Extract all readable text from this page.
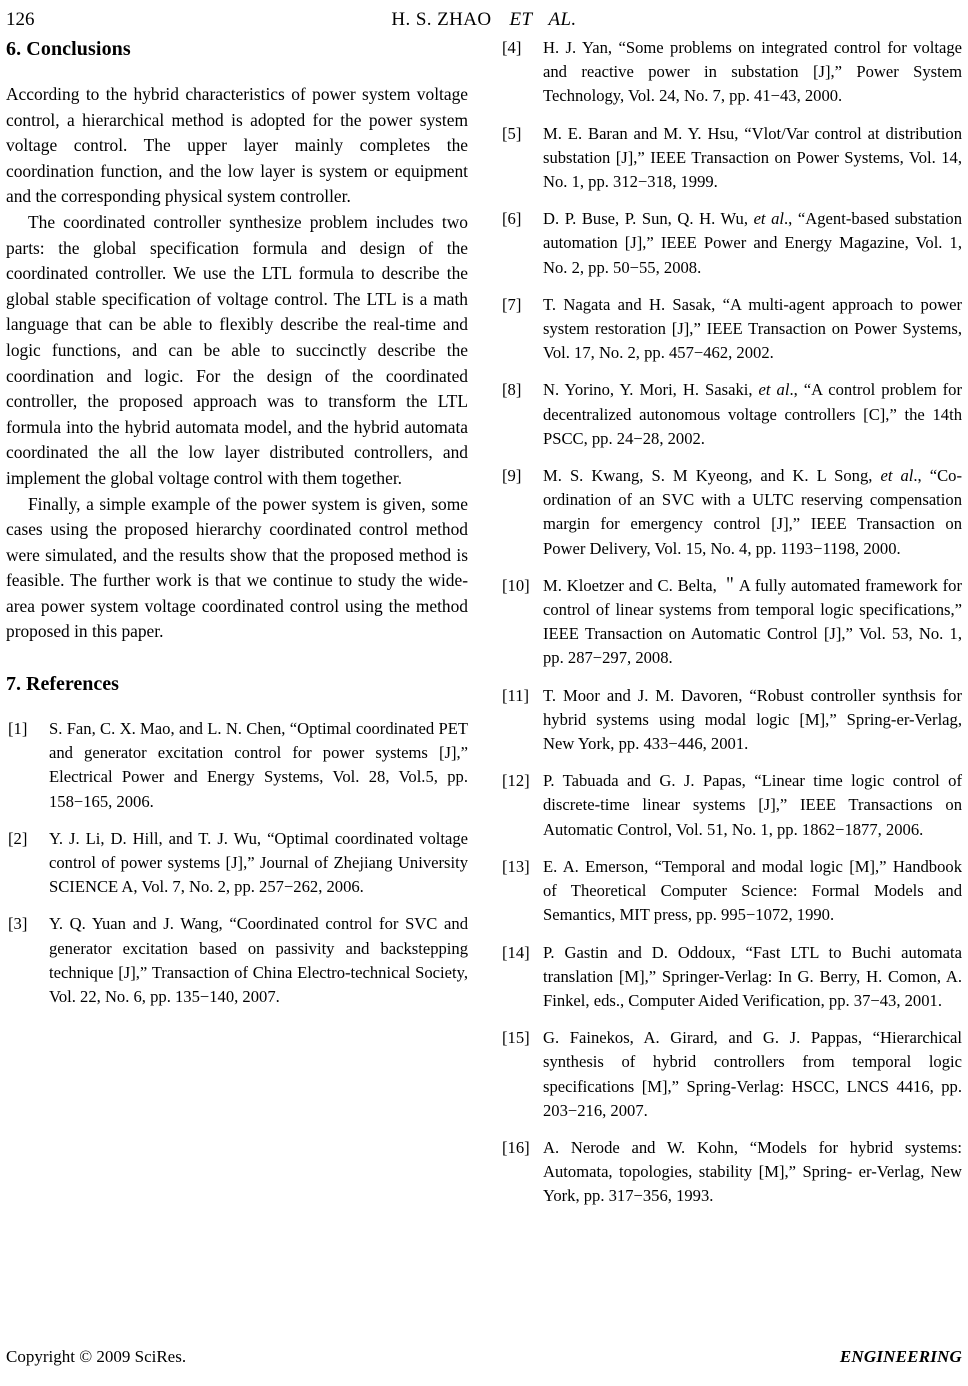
126	H. S. ZHAO ET AL.
6. Conclusions

According to the hybrid characteristics of power system voltage control, a hierarchical method is adopted for the power system voltage control. The upper layer mainly completes the coordination function, and the low layer is system or equipment and the corresponding physical system controller.

The coordinated controller synthesize problem includes two parts: the global specification formula and design of the coordinated controller. We use the LTL formula to describe the global stable specification of voltage control. The LTL is a math language that can be able to flexibly describe the real-time and logic functions, and can be able to succinctly describe the coordination and logic. For the design of the coordinated controller, the proposed approach was to transform the LTL formula into the hybrid automata model, and the hybrid automata coordinated the all the low layer distributed controllers, and implement the global voltage control with them together.

Finally, a simple example of the power system is given, some cases using the proposed hierarchy coordinated control method were simulated, and the results show that the proposed method is feasible. The further work is that we continue to study the wide-area power system voltage coordinated control using the method proposed in this paper.

7. References
[1]	S. Fan, C. X. Mao, and L. N. Chen, “Optimal coordinated PET and generator excitation control for power systems [J],” Electrical Power and Energy Systems, Vol. 28, Vol.5, pp. 158−165, 2006.
[2]	Y. J. Li, D. Hill, and T. J. Wu, “Optimal coordinated voltage control of power systems [J],” Journal of Zhejiang University SCIENCE A, Vol. 7, No. 2, pp. 257−262, 2006.
[3]	Y. Q. Yuan and J. Wang, “Coordinated control for SVC and generator excitation based on passivity and backstepping technique [J],” Transaction of China Electro-technical Society, Vol. 22, No. 6, pp. 135−140, 2007.
[4]	H. J. Yan, “Some problems on integrated control for voltage and reactive power in substation [J],” Power System Technology, Vol. 24, No. 7, pp. 41−43, 2000.
[5]	M. E. Baran and M. Y. Hsu, “Vlot/Var control at distribution substation [J],” IEEE Transaction on Power Systems, Vol. 14, No. 1, pp. 312−318, 1999.
[6]	D. P. Buse, P. Sun, Q. H. Wu, et al., “Agent-based substation automation [J],” IEEE Power and Energy Magazine, Vol. 1, No. 2, pp. 50−55, 2008.
[7]	T. Nagata and H. Sasak, “A multi-agent approach to power system restoration [J],” IEEE Transaction on Power Systems, Vol. 17, No. 2, pp. 457−462, 2002.
[8]	N. Yorino, Y. Mori, H. Sasaki, et al., “A control problem for decentralized autonomous voltage controllers [C],” the 14th PSCC, pp. 24−28, 2002.
[9]	M. S. Kwang, S. M Kyeong, and K. L Song, et al., “Co-ordination of an SVC with a ULTC reserving compensation margin for emergency control [J],” IEEE Transaction on Power Delivery, Vol. 15, No. 4, pp. 1193−1198, 2000.
[10] M. Kloetzer and C. Belta, ＂A fully automated framework for control of linear systems from temporal logic specifications,” IEEE Transaction on Automatic Control [J],” Vol. 53, No. 1, pp. 287−297, 2008.
[11] T. Moor and J. M. Davoren, “Robust controller synthsis for hybrid systems using modal logic [M],” Spring-er-Verlag, New York, pp. 433−446, 2001.
[12] P. Tabuada and G. J. Papas, “Linear time logic control of discrete-time linear systems [J],” IEEE Transactions on Automatic Control, Vol. 51, No. 1, pp. 1862−1877, 2006.
[13] E. A. Emerson, “Temporal and modal logic [M],” Handbook of Theoretical Computer Science: Formal Models and Semantics, MIT press, pp. 995−1072, 1990.
[14] P. Gastin and D. Oddoux, “Fast LTL to Buchi automata translation [M],” Springer-Verlag: In G. Berry, H. Comon, A. Finkel, eds., Computer Aided Verification, pp. 37−43, 2001.
[15] G. Fainekos, A. Girard, and G. J. Pappas, “Hierarchical synthesis of hybrid controllers from temporal logic specifications [M],” Spring-Verlag: HSCC, LNCS 4416, pp. 203−216, 2007.
[16] A. Nerode and W. Kohn, “Models for hybrid systems: Automata, topologies, stability [M],” Spring- er-Verlag, New York, pp. 317−356, 1993.
Copyright © 2009 SciRes.	ENGINEERING
